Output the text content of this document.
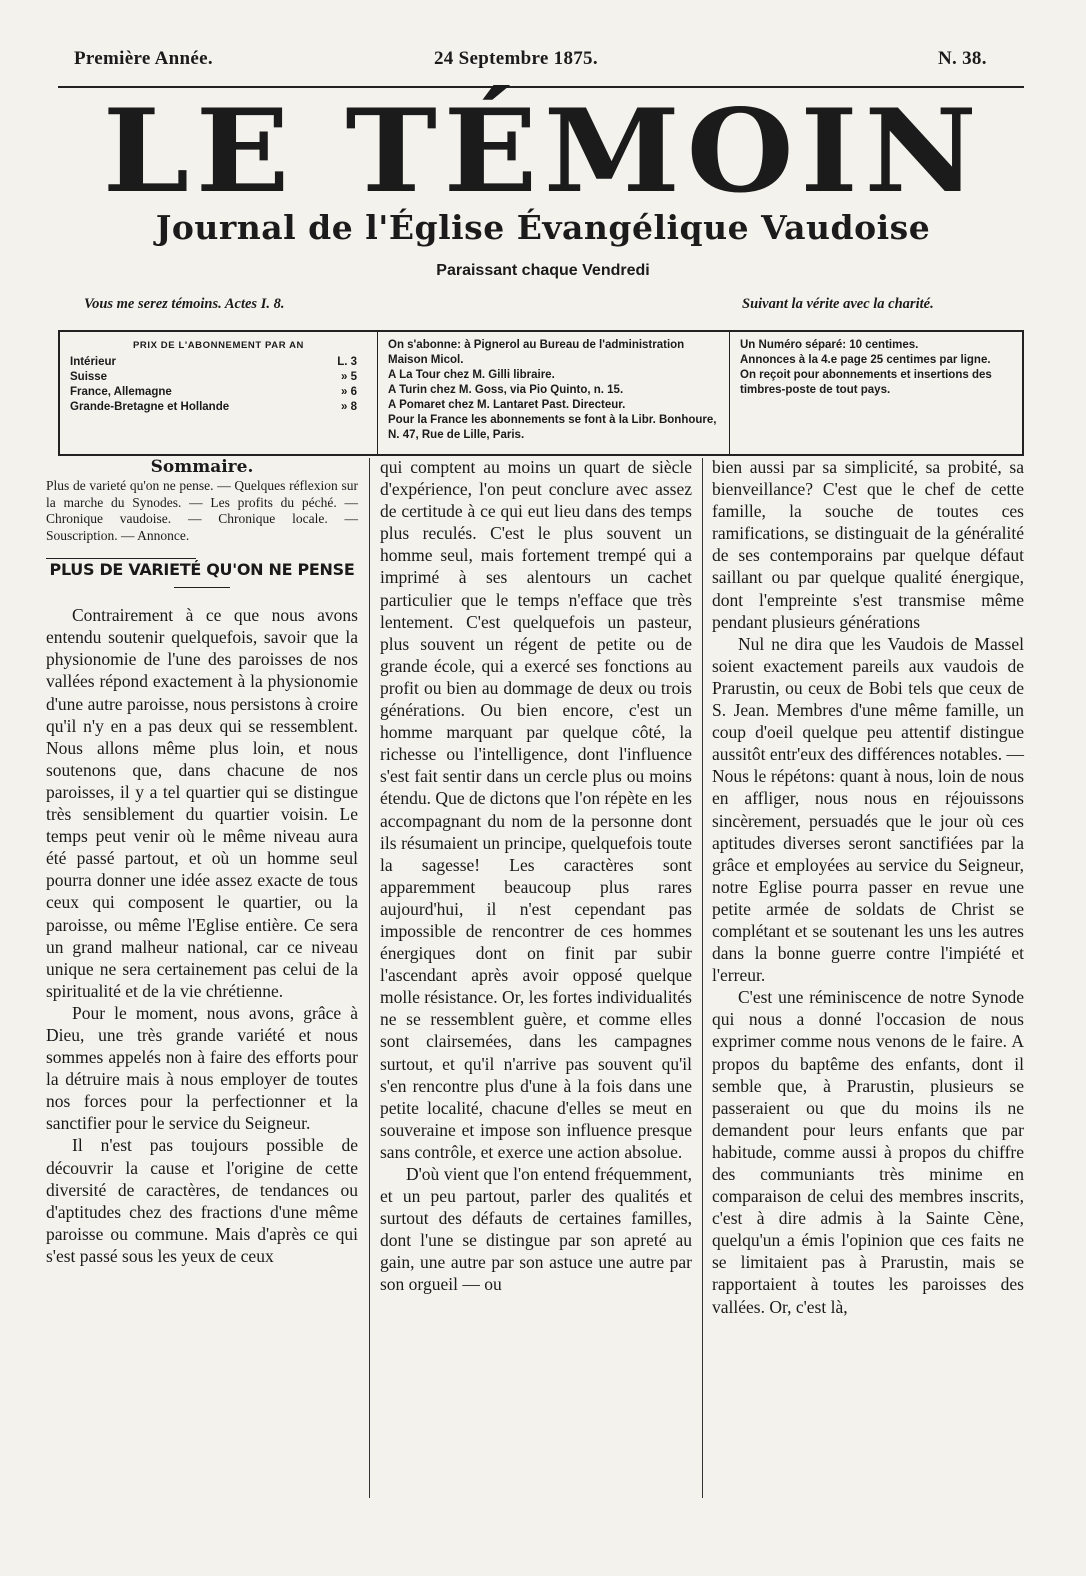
Première Année.	24 Septembre 1875.	N. 38.
LE TÉMOIN
Journal de l'Église Évangélique Vaudoise
Paraissant chaque Vendredi
Vous me serez témoins. Actes I. 8.	Suivant la vérite avec la charité.
PRIX DE L'ABONNEMENT PAR AN
Intérieur	L. 3
Suisse	» 5
France, Allemagne	» 6
Grande-Bretagne et Hollande	» 8
On s'abonne: à Pignerol au Bureau de l'administration Maison Micol.
A La Tour chez M. Gilli libraire.
A Turin chez M. Goss, via Pio Quinto, n. 15.
A Pomaret chez M. Lantaret Past. Directeur.
Pour la France les abonnements se font à la Libr. Bonhoure, N. 47, Rue de Lille, Paris.
Un Numéro séparé: 10 centimes.
Annonces à la 4.e page 25 centimes par ligne.
On reçoit pour abonnements et insertions des timbres-poste de tout pays.

Sommaire.

Plus de varieté qu'on ne pense. — Quelques réflexion sur la marche du Synodes. — Les profits du péché. — Chronique vaudoise. — Chronique locale. — Souscription. — Annonce.

PLUS DE VARIETÉ QU'ON NE PENSE

Contrairement à ce que nous avons entendu soutenir quelquefois, savoir que la physionomie de l'une des paroisses de nos vallées répond exactement à la physionomie d'une autre paroisse, nous persistons à croire qu'il n'y en a pas deux qui se ressemblent. Nous allons même plus loin, et nous soutenons que, dans chacune de nos paroisses, il y a tel quartier qui se distingue très sensiblement du quartier voisin. Le temps peut venir où le même niveau aura été passé partout, et où un homme seul pourra donner une idée assez exacte de tous ceux qui composent le quartier, ou la paroisse, ou même l'Eglise entière. Ce sera un grand malheur national, car ce niveau unique ne sera certainement pas celui de la spiritualité et de la vie chrétienne.

Pour le moment, nous avons, grâce à Dieu, une très grande variété et nous sommes appelés non à faire des efforts pour la détruire mais à nous employer de toutes nos forces pour la perfectionner et la sanctifier pour le service du Seigneur.

Il n'est pas toujours possible de découvrir la cause et l'origine de cette diversité de caractères, de tendances ou d'aptitudes chez des fractions d'une même paroisse ou commune. Mais d'après ce qui s'est passé sous les yeux de ceux

qui comptent au moins un quart de siècle d'expérience, l'on peut conclure avec assez de certitude à ce qui eut lieu dans des temps plus reculés. C'est le plus souvent un homme seul, mais fortement trempé qui a imprimé à ses alentours un cachet particulier que le temps n'efface que très lentement. C'est quelquefois un pasteur, plus souvent un régent de petite ou de grande école, qui a exercé ses fonctions au profit ou bien au dommage de deux ou trois générations. Ou bien encore, c'est un homme marquant par quelque côté, la richesse ou l'intelligence, dont l'influence s'est fait sentir dans un cercle plus ou moins étendu. Que de dictons que l'on répète en les accompagnant du nom de la personne dont ils résumaient un principe, quelquefois toute la sagesse! Les caractères sont apparemment beaucoup plus rares aujourd'hui, il n'est cependant pas impossible de rencontrer de ces hommes énergiques dont on finit par subir l'ascendant après avoir opposé quelque molle résistance. Or, les fortes individualités ne se ressemblent guère, et comme elles sont clairsemées, dans les campagnes surtout, et qu'il n'arrive pas souvent qu'il s'en rencontre plus d'une à la fois dans une petite localité, chacune d'elles se meut en souveraine et impose son influence presque sans contrôle, et exerce une action absolue.

D'où vient que l'on entend fréquemment, et un peu partout, parler des qualités et surtout des défauts de certaines familles, dont l'une se distingue par son apreté au gain, une autre par son astuce une autre par son orgueil — ou

bien aussi par sa simplicité, sa probité, sa bienveillance? C'est que le chef de cette famille, la souche de toutes ces ramifications, se distinguait de la généralité de ses contemporains par quelque défaut saillant ou par quelque qualité énergique, dont l'empreinte s'est transmise même pendant plusieurs générations

Nul ne dira que les Vaudois de Massel soient exactement pareils aux vaudois de Prarustin, ou ceux de Bobi tels que ceux de S. Jean. Membres d'une même famille, un coup d'oeil quelque peu attentif distingue aussitôt entr'eux des différences notables. — Nous le répétons: quant à nous, loin de nous en affliger, nous nous en réjouissons sincèrement, persuadés que le jour où ces aptitudes diverses seront sanctifiées par la grâce et employées au service du Seigneur, notre Eglise pourra passer en revue une petite armée de soldats de Christ se complétant et se soutenant les uns les autres dans la bonne guerre contre l'impiété et l'erreur.

C'est une réminiscence de notre Synode qui nous a donné l'occasion de nous exprimer comme nous venons de le faire. A propos du baptême des enfants, dont il semble que, à Prarustin, plusieurs se passeraient ou que du moins ils ne demandent pour leurs enfants que par habitude, comme aussi à propos du chiffre des communiants très minime en comparaison de celui des membres inscrits, c'est à dire admis à la Sainte Cène, quelqu'un a émis l'opinion que ces faits ne se limitaient pas à Prarustin, mais se rapportaient à toutes les paroisses des vallées. Or, c'est là,
